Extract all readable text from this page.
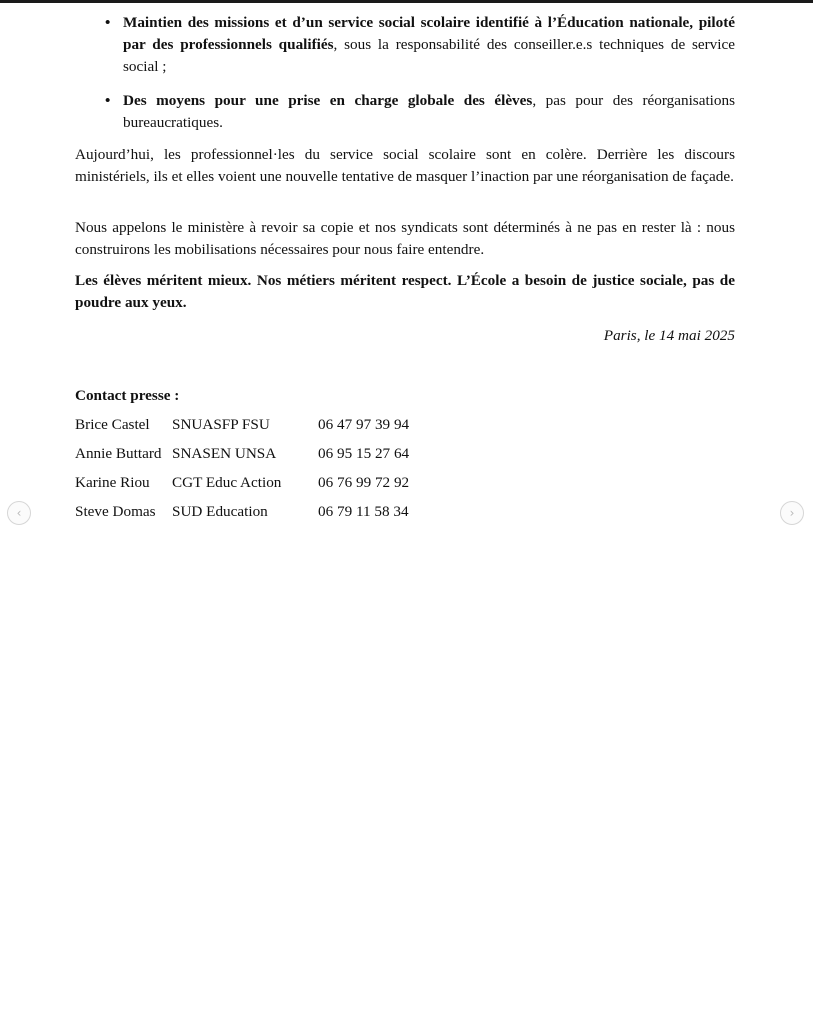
• Maintien des missions et d’un service social scolaire identifié à l’Éducation nationale, piloté par des professionnels qualifiés, sous la responsabilité des conseiller.e.s techniques de service social ;
• Des moyens pour une prise en charge globale des élèves, pas pour des réorganisations bureaucratiques.

Aujourd’hui, les professionnel·les du service social scolaire sont en colère. Derrière les discours ministériels, ils et elles voient une nouvelle tentative de masquer l’inaction par une réorganisation de façade.

Nous appelons le ministère à revoir sa copie et nos syndicats sont déterminés à ne pas en rester là : nous construirons les mobilisations nécessaires pour nous faire entendre.

Les élèves méritent mieux. Nos métiers méritent respect. L’École a besoin de justice sociale, pas de poudre aux yeux.

Paris, le 14 mai 2025
Contact presse :
Brice Castel	SNUASFP FSU	06 47 97 39 94
Annie Buttard	SNASEN UNSA	06 95 15 27 64
Karine Riou	CGT Educ Action	06 76 99 72 92
Steve Domas	SUD Education	06 79 11 58 34
‹	›
